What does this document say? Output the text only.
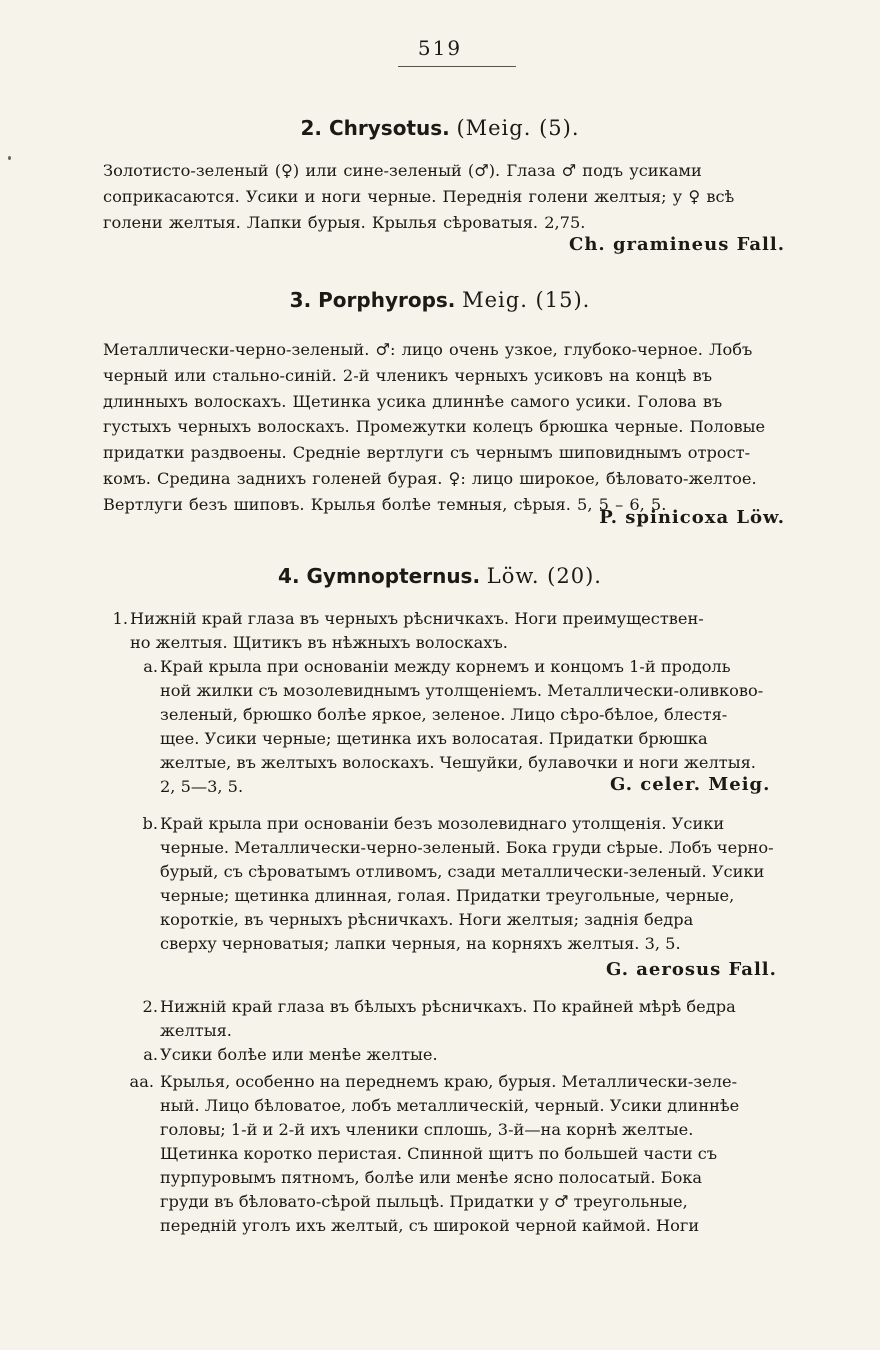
519
2. Chrysotus. (Meig. (5).
Золотисто-зеленый (♀) или сине-зеленый (♂). Глаза ♂ подъ усиками
соприкасаются. Усики и ноги черные. Переднія голени желтыя; у ♀ всѣ
голени желтыя. Лапки бурыя. Крылья сѣроватыя. 2,75.
Ch. gramineus Fall.
3. Porphyrops. Meig. (15).
Металлически-черно-зеленый. ♂: лицо очень узкое, глубоко-черное. Лобъ
черный или стально-синій. 2-й членикъ черныхъ усиковъ на концѣ въ
длинныхъ волоскахъ. Щетинка усика длиннѣе самого усики. Голова въ
густыхъ черныхъ волоскахъ. Промежутки колецъ брюшка черные. Половые
придатки раздвоены. Средніе вертлуги съ чернымъ шиповиднымъ отрост-
комъ. Средина заднихъ голеней бурая. ♀: лицо широкое, бѣловато-желтое.
Вертлуги безъ шиповъ. Крылья болѣе темныя, сѣрыя. 5, 5 – 6, 5.
P. spinicoxa Löw.
4. Gymnopternus. Löw. (20).
1. Нижній край глаза въ черныхъ рѣсничкахъ. Ноги преимуществен-
но желтыя. Щитикъ въ нѣжныхъ волоскахъ.
a. Край крыла при основаніи между корнемъ и концомъ 1-й продоль
ной жилки съ мозолевиднымъ утолщеніемъ. Металлически-оливково-
зеленый, брюшко болѣе яркое, зеленое. Лицо сѣро-бѣлое, блестя-
щее. Усики черные; щетинка ихъ волосатая. Придатки брюшка
желтые, въ желтыхъ волоскахъ. Чешуйки, булавочки и ноги желтыя.
2, 5—3, 5.	G. celer. Meig.
b. Край крыла при основаніи безъ мозолевиднаго утолщенія. Усики
черные. Металлически-черно-зеленый. Бока груди сѣрые. Лобъ черно-
бурый, съ сѣроватымъ отливомъ, сзади металлически-зеленый. Усики
черные; щетинка длинная, голая. Придатки треугольные, черные,
короткіе, въ черныхъ рѣсничкахъ. Ноги желтыя; заднія бедра
сверху черноватыя; лапки черныя, на корняхъ желтыя. 3, 5.
G. aerosus Fall.
2. Нижній край глаза въ бѣлыхъ рѣсничкахъ. По крайней мѣрѣ бедра
желтыя.
a. Усики болѣе или менѣе желтые.
aa. Крылья, особенно на переднемъ краю, бурыя. Металлически-зеле-
ный. Лицо бѣловатое, лобъ металлическій, черный. Усики длиннѣе
головы; 1-й и 2-й ихъ членики сплошь, 3-й—на корнѣ желтые.
Щетинка коротко перистая. Спинной щитъ по большей части съ
пурпуровымъ пятномъ, болѣе или менѣе ясно полосатый. Бока
груди въ бѣловато-сѣрой пыльцѣ. Придатки у ♂ треугольные,
передній уголъ ихъ желтый, съ широкой черной каймой. Ноги
